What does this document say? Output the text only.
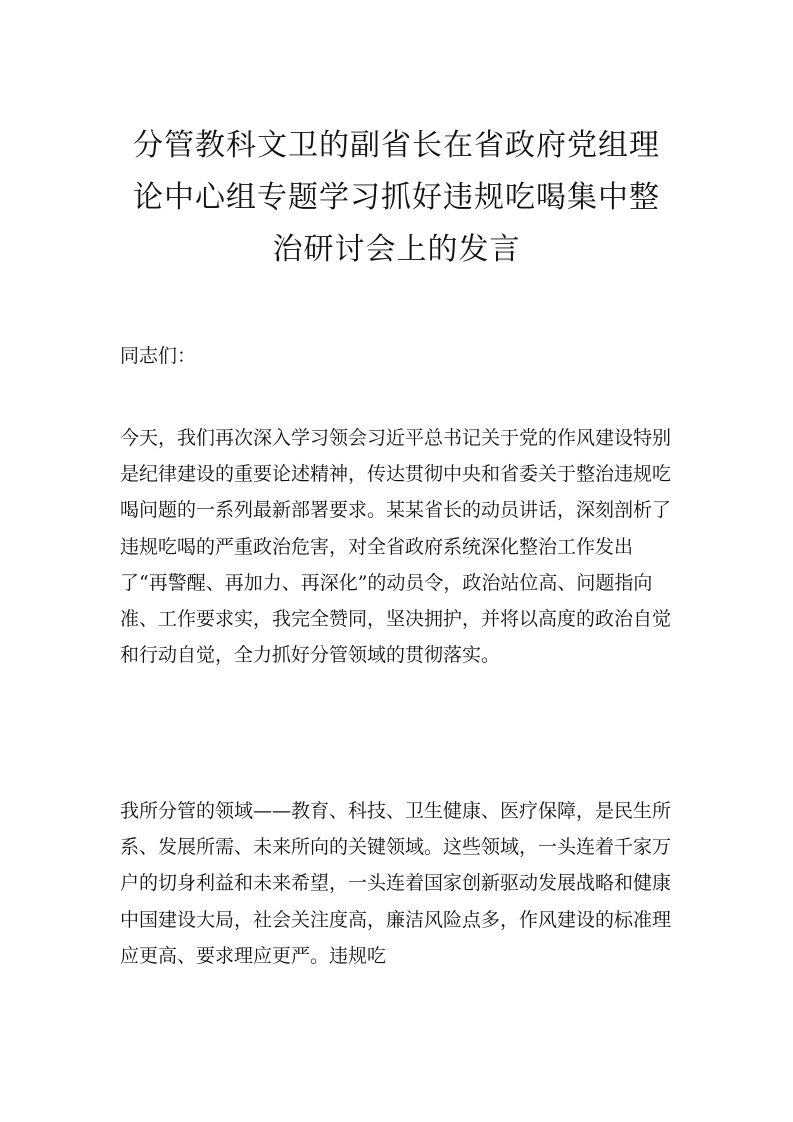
分管教科文卫的副省长在省政府党组理论中心组专题学习抓好违规吃喝集中整治研讨会上的发言

同志们：

今天，我们再次深入学习领会习近平总书记关于党的作风建设特别是纪律建设的重要论述精神，传达贯彻中央和省委关于整治违规吃喝问题的一系列最新部署要求。某某省长的动员讲话，深刻剖析了违规吃喝的严重政治危害，对全省政府系统深化整治工作发出了“再警醒、再加力、再深化”的动员令，政治站位高、问题指向准、工作要求实，我完全赞同，坚决拥护，并将以高度的政治自觉和行动自觉，全力抓好分管领域的贯彻落实。

我所分管的领域——教育、科技、卫生健康、医疗保障，是民生所系、发展所需、未来所向的关键领域。这些领域，一头连着千家万户的切身利益和未来希望，一头连着国家创新驱动发展战略和健康中国建设大局，社会关注度高，廉洁风险点多，作风建设的标准理应更高、要求理应更严。违规吃
